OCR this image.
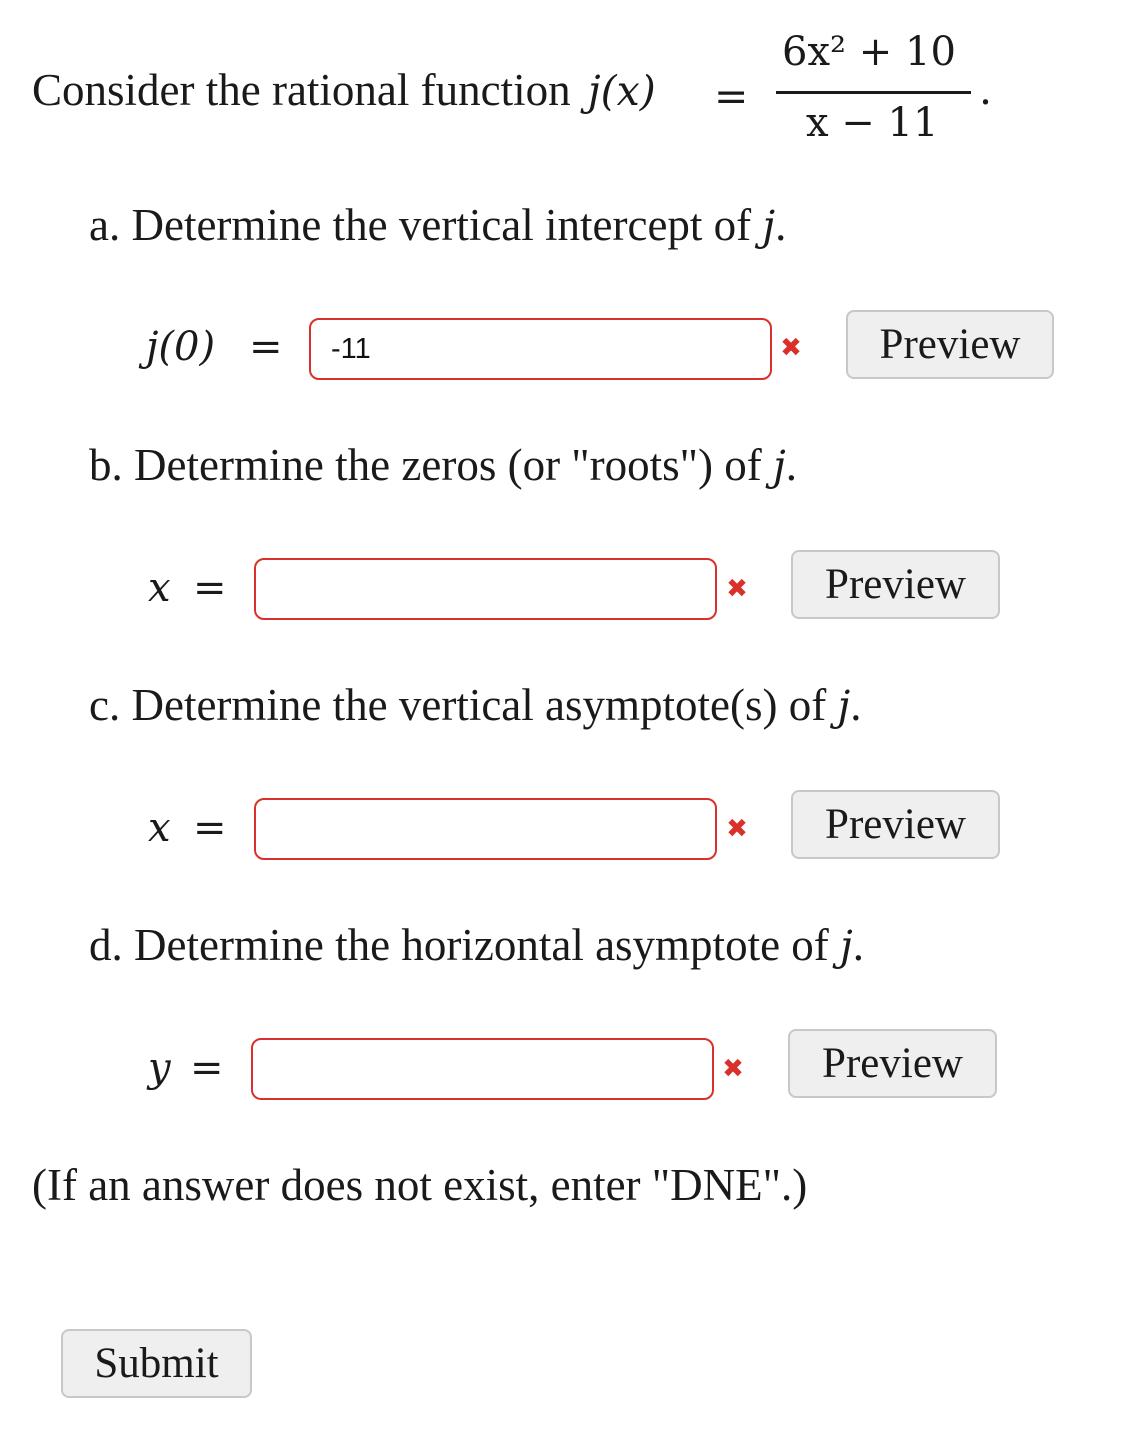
Consider the rational function j(x) =
6x² + 10
x − 11
.
a. Determine the vertical intercept of j.
j(0) =
-11	✖	Preview
b. Determine the zeros (or "roots") of j.
x =	✖	Preview
c. Determine the vertical asymptote(s) of j.
x =	✖	Preview
d. Determine the horizontal asymptote of j.
y =	✖	Preview
(If an answer does not exist, enter "DNE".)
Submit
